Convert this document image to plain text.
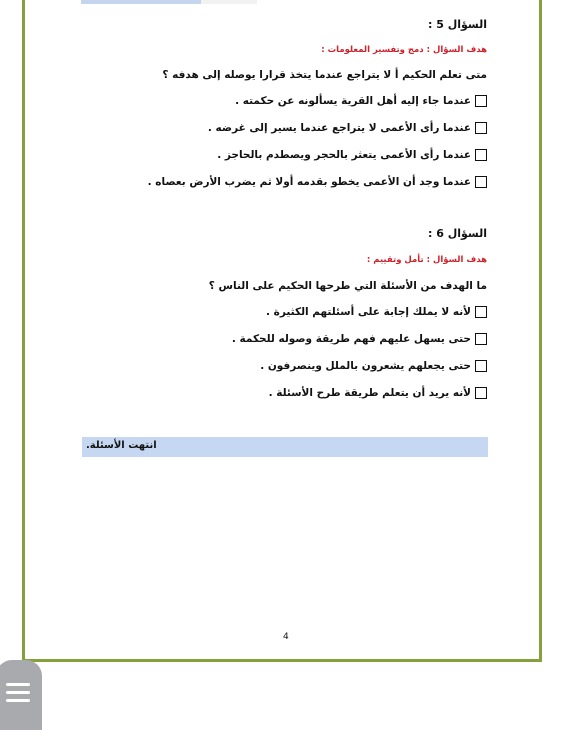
السؤال 5 :
هدف السؤال : دمج وتفسير المعلومات :
متى تعلم الحكيم أ لا يتراجع عندما يتخذ قرارا يوصله إلى هدفه ؟
عندما جاء إليه أهل القرية يسألونه عن حكمته .
عندما رأى الأعمى لا يتراجع عندما يسير إلى غرضه .
عندما رأى الأعمى يتعثر بالحجر ويصطدم بالحاجز .
عندما وجد أن الأعمى يخطو بقدمه أولا ثم يضرب الأرض بعصاه .
السؤال 6 :
هدف السؤال : تأمل وتقييم :
ما الهدف من الأسئلة التي طرحها الحكيم على الناس ؟
لأنه لا يملك إجابة على أسئلتهم الكثيرة .
حتى يسهل عليهم فهم طريقة وصوله للحكمة .
حتى يجعلهم يشعرون بالملل وينصرفون .
لأنه يريد أن يتعلم طريقة طرح الأسئلة .
انتهت الأسئلة.
4
